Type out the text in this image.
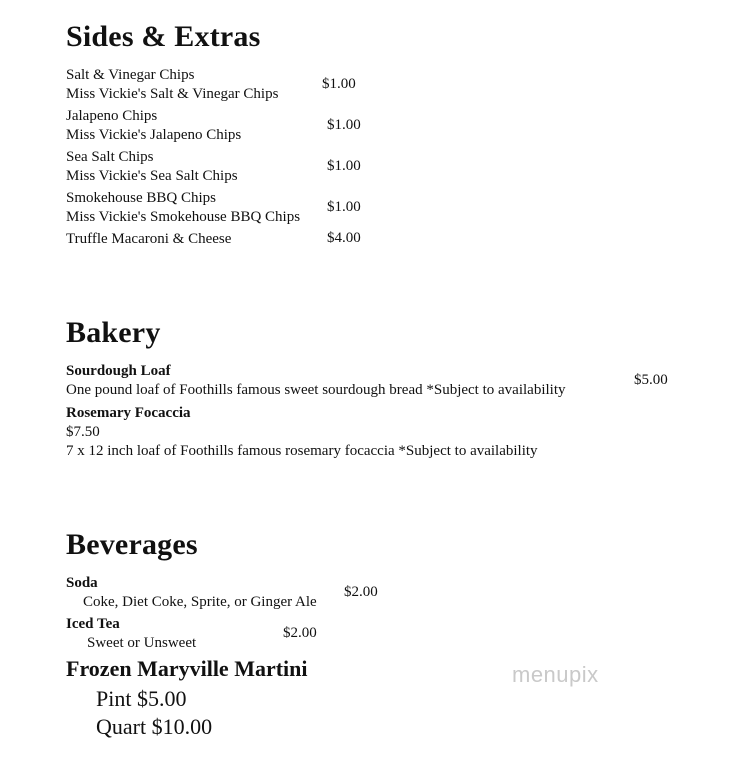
Sides & Extras
Salt & Vinegar Chips
Miss Vickie's Salt & Vinegar Chips
$1.00
Jalapeno Chips
Miss Vickie's Jalapeno Chips
$1.00
Sea Salt Chips
Miss Vickie's Sea Salt Chips
$1.00
Smokehouse BBQ Chips
Miss Vickie's Smokehouse BBQ Chips
$1.00
Truffle Macaroni & Cheese	$4.00
Bakery
Sourdough Loaf
One pound loaf of Foothills famous sweet sourdough bread *Subject to availability
$5.00
Rosemary Focaccia
$7.50
7 x 12 inch loaf of Foothills famous rosemary focaccia *Subject to availability
Beverages
Soda
Coke, Diet Coke, Sprite, or Ginger Ale
$2.00
Iced Tea
Sweet or Unsweet
$2.00
Frozen Maryville Martini
Pint $5.00
Quart $10.00
menupix
